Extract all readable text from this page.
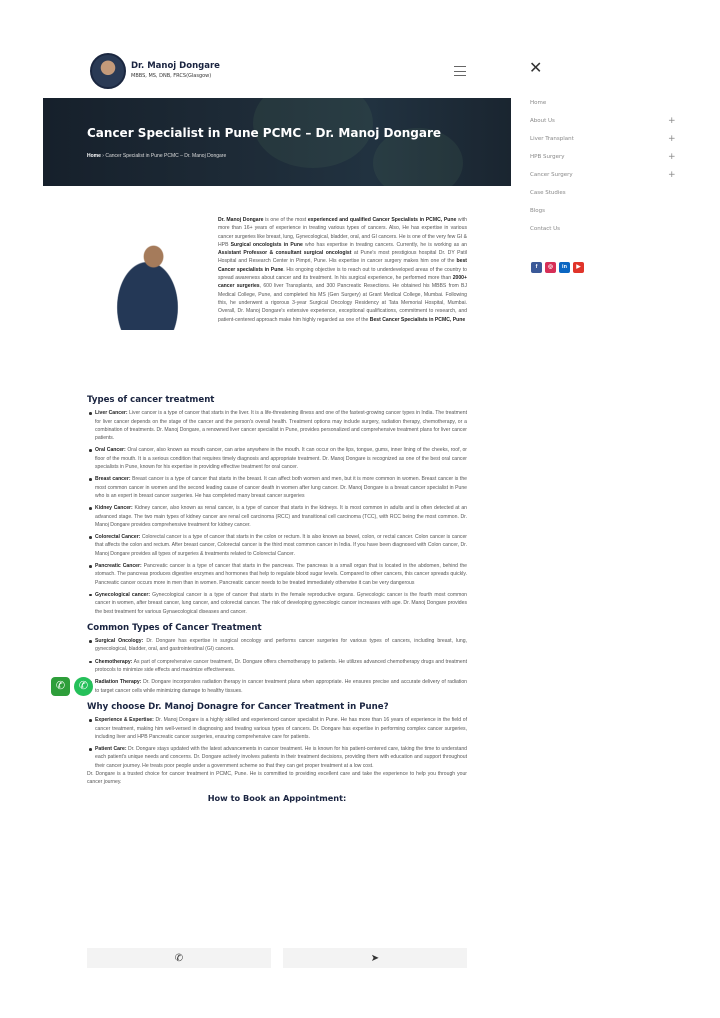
Dr. Manoj Dongare
MBBS, MS, DNB, FRCS(Glasgow)
Cancer Specialist in Pune PCMC – Dr. Manoj Dongare
Home › Cancer Specialist in Pune PCMC – Dr. Manoj Dongare
Dr. Manoj Dongare is one of the most experienced and qualified Cancer Specialists in PCMC, Pune with more than 16+ years of experience in treating various types of cancers. Also, He has expertise in various cancer surgeries like breast, lung, Gynecological, bladder, oral, and GI cancers. He is one of the very few GI & HPB Surgical oncologists in Pune who has expertise in treating cancers. Currently, he is working as an Assistant Professor & consultant surgical oncologist at Pune's most prestigious hospital Dr. DY Patil Hospital and Research Center in Pimpri, Pune. His expertise in cancer surgery makes him one of the best Cancer specialists in Pune. His ongoing objective is to reach out to underdeveloped areas of the country to spread awareness about cancer and its treatment. In his surgical experience, he performed more than 2000+ cancer surgeries, 600 liver Transplants, and 300 Pancreatic Resections. He obtained his MBBS from BJ Medical College, Pune, and completed his MS (Gen Surgery) at Grant Medical College, Mumbai. Following this, he underwent a rigorous 3-year Surgical Oncology Residency at Tata Memorial Hospital, Mumbai. Overall, Dr. Manoj Dongare's extensive experience, exceptional qualifications, commitment to research, and patient-centered approach make him highly regarded as one of the Best Cancer Specialists in PCMC, Pune
Types of cancer treatment
Liver Cancer: Liver cancer is a type of cancer that starts in the liver. It is a life-threatening illness and one of the fastest-growing cancer types in India. The treatment for liver cancer depends on the stage of the cancer and the person's overall health. Treatment options may include surgery, radiation therapy, chemotherapy, or a combination of treatments. Dr. Manoj Dongare, a renowned liver cancer specialist in Pune, provides personalized and comprehensive treatment plans for liver cancer patients.
Oral Cancer: Oral cancer, also known as mouth cancer, can arise anywhere in the mouth. It can occur on the lips, tongue, gums, inner lining of the cheeks, roof, or floor of the mouth. It is a serious condition that requires timely diagnosis and appropriate treatment. Dr. Manoj Dongare is recognized as one of the best oral cancer specialists in Pune, known for his expertise in providing effective treatment for oral cancer.
Breast cancer: Breast cancer is a type of cancer that starts in the breast. It can affect both women and men, but it is more common in women. Breast cancer is the most common cancer in women and the second leading cause of cancer death in women after lung cancer. Dr. Manoj Dongare is a breast cancer specialist in Pune who is an expert in breast cancer surgeries. He has completed many breast cancer surgeries
Kidney Cancer: Kidney cancer, also known as renal cancer, is a type of cancer that starts in the kidneys. It is most common in adults and is often detected at an advanced stage. The two main types of kidney cancer are renal cell carcinoma (RCC) and transitional cell carcinoma (TCC), with RCC being the most common. Dr. Manoj Dongare provides comprehensive treatment for kidney cancer.
Colorectal Cancer: Colorectal cancer is a type of cancer that starts in the colon or rectum. It is also known as bowel, colon, or rectal cancer. Colon cancer is cancer that affects the colon and rectum. After breast cancer, Colorectal cancer is the third most common cancer in India. If you have been diagnosed with Colon cancer, Dr. Manoj Dongare provides all types of surgeries & treatments related to Colorectal Cancer.
Pancreatic Cancer: Pancreatic cancer is a type of cancer that starts in the pancreas. The pancreas is a small organ that is located in the abdomen, behind the stomach. The pancreas produces digestive enzymes and hormones that help to regulate blood sugar levels. Compared to other cancers, this cancer spreads quickly. Pancreatic cancer occurs more in men than in women. Pancreatic cancer needs to be treated immediately otherwise it can be very dangerous
Gynecological cancer: Gynecological cancer is a type of cancer that starts in the female reproductive organs. Gynecologic cancer is the fourth most common cancer in women, after breast cancer, lung cancer, and colorectal cancer. The risk of developing gynecologic cancer increases with age. Dr. Manoj Dongare provides the best treatment for various Gynaecological diseases and cancer.
Common Types of Cancer Treatment
Surgical Oncology: Dr. Dongare has expertise in surgical oncology and performs cancer surgeries for various types of cancers, including breast, lung, gynecological, bladder, oral, and gastrointestinal (GI) cancers.
Chemotherapy: As part of comprehensive cancer treatment, Dr. Dongare offers chemotherapy to patients. He utilizes advanced chemotherapy drugs and treatment protocols to minimize side effects and maximize effectiveness.
Radiation Therapy: Dr. Dongare incorporates radiation therapy in cancer treatment plans when appropriate. He ensures precise and accurate delivery of radiation to target cancer cells while minimizing damage to healthy tissues.
Why choose Dr. Manoj Donagre for Cancer Treatment in Pune?
Experience & Expertise: Dr. Manoj Dongare is a highly skilled and experienced cancer specialist in Pune. He has more than 16 years of experience in the field of cancer treatment, making him well-versed in diagnosing and treating various types of cancers. Dr. Dongare has expertise in performing complex cancer surgeries, including liver and HPB Pancreatic cancer surgeries, ensuring comprehensive care for patients.
Patient Care: Dr. Dongare stays updated with the latest advancements in cancer treatment. He is known for his patient-centered care, taking the time to understand each patient's unique needs and concerns. Dr. Dongare actively involves patients in their treatment decisions, providing them with education and support throughout their cancer journey. He treats poor people under a government scheme so that they can get proper treatment at a low cost.

Dr. Dongare is a trusted choice for cancer treatment in PCMC, Pune. He is committed to providing excellent care and take the experience to help you through your cancer journey.

How to Book an Appointment:
✆	➤
✆	✆
✕
Home
About Us	+
Liver Transplant	+
HPB Surgery	+
Cancer Surgery	+
Case Studies
Blogs
Contact Us
f	◎	in	▶
